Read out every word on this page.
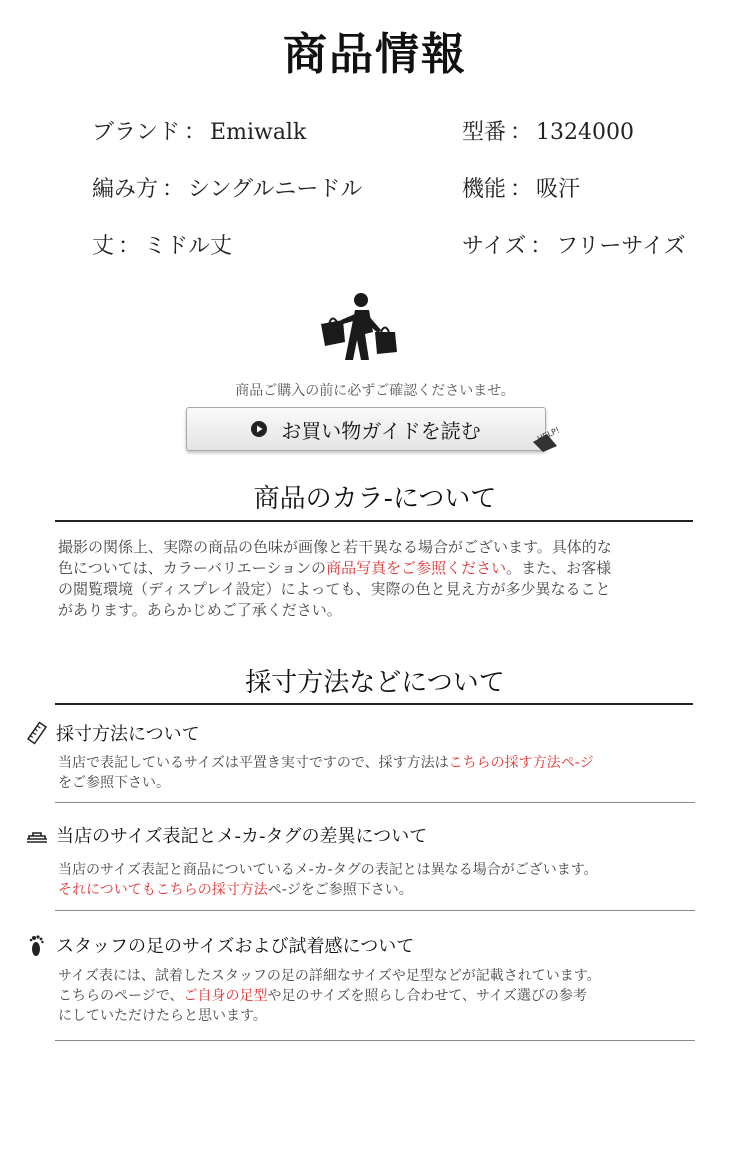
商品情報
ブランド ： Emiwalk	型番 ： 1324000
編み方 ： シングルニードル	機能 ： 吸汗
丈 ： ミドル丈	サイズ ： フリーサイズ
商品ご購入の前に必ずご確認くださいませ。
お買い物ガイドを読む	HELP!
商品のカラ-について
撮影の関係上、実際の商品の色味が画像と若干異なる場合がございます。具体的な
色については、カラーバリエーションの商品写真をご参照ください。また、お客様
の閲覧環境（ディスプレイ設定）によっても、実際の色と見え方が多少異なること
があります。あらかじめご了承ください。
採寸方法などについて
採寸方法について
当店で表記しているサイズは平置き実寸ですので、採す方法はこちらの採す方法ペ-ジ
をご参照下さい。
当店のサイズ表記とメ-カ-タグの差異について
当店のサイズ表記と商品についているメ-カ-タグの表記とは異なる場合がございます。
それについてもこちらの採寸方法ペ-ジをご参照下さい。
スタッフの足のサイズおよび試着感について
サイズ表には、試着したスタッフの足の詳細なサイズや足型などが記載されています。
こちらのページで、ご自身の足型や足のサイズを照らし合わせて、サイズ選びの参考
にしていただけたらと思います。
